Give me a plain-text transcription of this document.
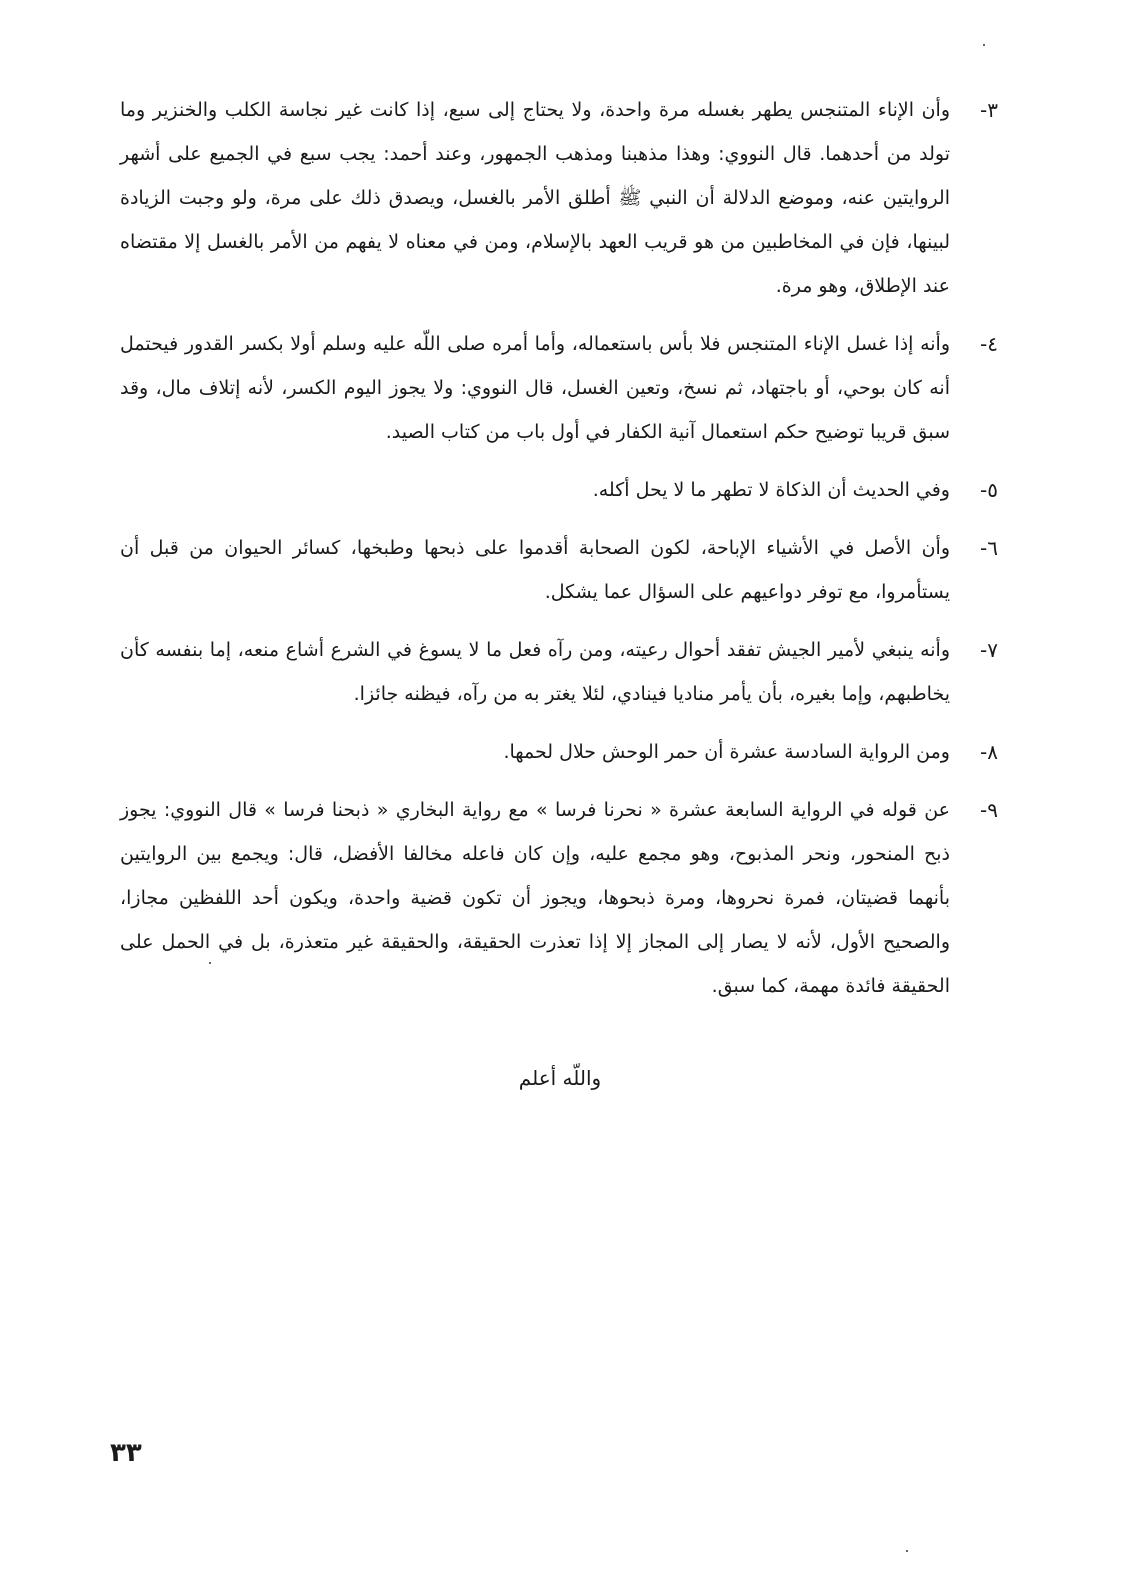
٣-

وأن الإناء المتنجس يطهر بغسله مرة واحدة، ولا يحتاج إلى سبع، إذا كانت غير نجاسة الكلب والخنزير وما تولد من أحدهما. قال النووي: وهذا مذهبنا ومذهب الجمهور، وعند أحمد: يجب سبع في الجميع على أشهر الروايتين عنه، وموضع الدلالة أن النبي ﷺ أطلق الأمر بالغسل، ويصدق ذلك على مرة، ولو وجبت الزيادة لبينها، فإن في المخاطبين من هو قريب العهد بالإسلام، ومن في معناه لا يفهم من الأمر بالغسل إلا مقتضاه عند الإطلاق، وهو مرة.

٤-

وأنه إذا غسل الإناء المتنجس فلا بأس باستعماله، وأما أمره صلى اللّه عليه وسلم أولا بكسر القدور فيحتمل أنه كان بوحي، أو باجتهاد، ثم نسخ، وتعين الغسل، قال النووي: ولا يجوز اليوم الكسر، لأنه إتلاف مال، وقد سبق قريبا توضيح حكم استعمال آنية الكفار في أول باب من كتاب الصيد.

٥-

وفي الحديث أن الذكاة لا تطهر ما لا يحل أكله.

٦-

وأن الأصل في الأشياء الإباحة، لكون الصحابة أقدموا على ذبحها وطبخها، كسائر الحيوان من قبل أن يستأمروا، مع توفر دواعيهم على السؤال عما يشكل.

٧-

وأنه ينبغي لأمير الجيش تفقد أحوال رعيته، ومن رآه فعل ما لا يسوغ في الشرع أشاع منعه، إما بنفسه كأن يخاطبهم، وإما بغيره، بأن يأمر مناديا فينادي، لئلا يغتر به من رآه، فيظنه جائزا.

٨-

ومن الرواية السادسة عشرة أن حمر الوحش حلال لحمها.

٩-

عن قوله في الرواية السابعة عشرة « نحرنا فرسا » مع رواية البخاري « ذبحنا فرسا » قال النووي: يجوز ذبح المنحور، ونحر المذبوح، وهو مجمع عليه، وإن كان فاعله مخالفا الأفضل، قال: ويجمع بين الروايتين بأنهما قضيتان، فمرة نحروها، ومرة ذبحوها، ويجوز أن تكون قضية واحدة، ويكون أحد اللفظين مجازا، والصحيح الأول، لأنه لا يصار إلى المجاز إلا إذا تعذرت الحقيقة، والحقيقة غير متعذرة، بل في الحمل على الحقيقة فائدة مهمة، كما سبق.

واللّه أعلم
٣٣
